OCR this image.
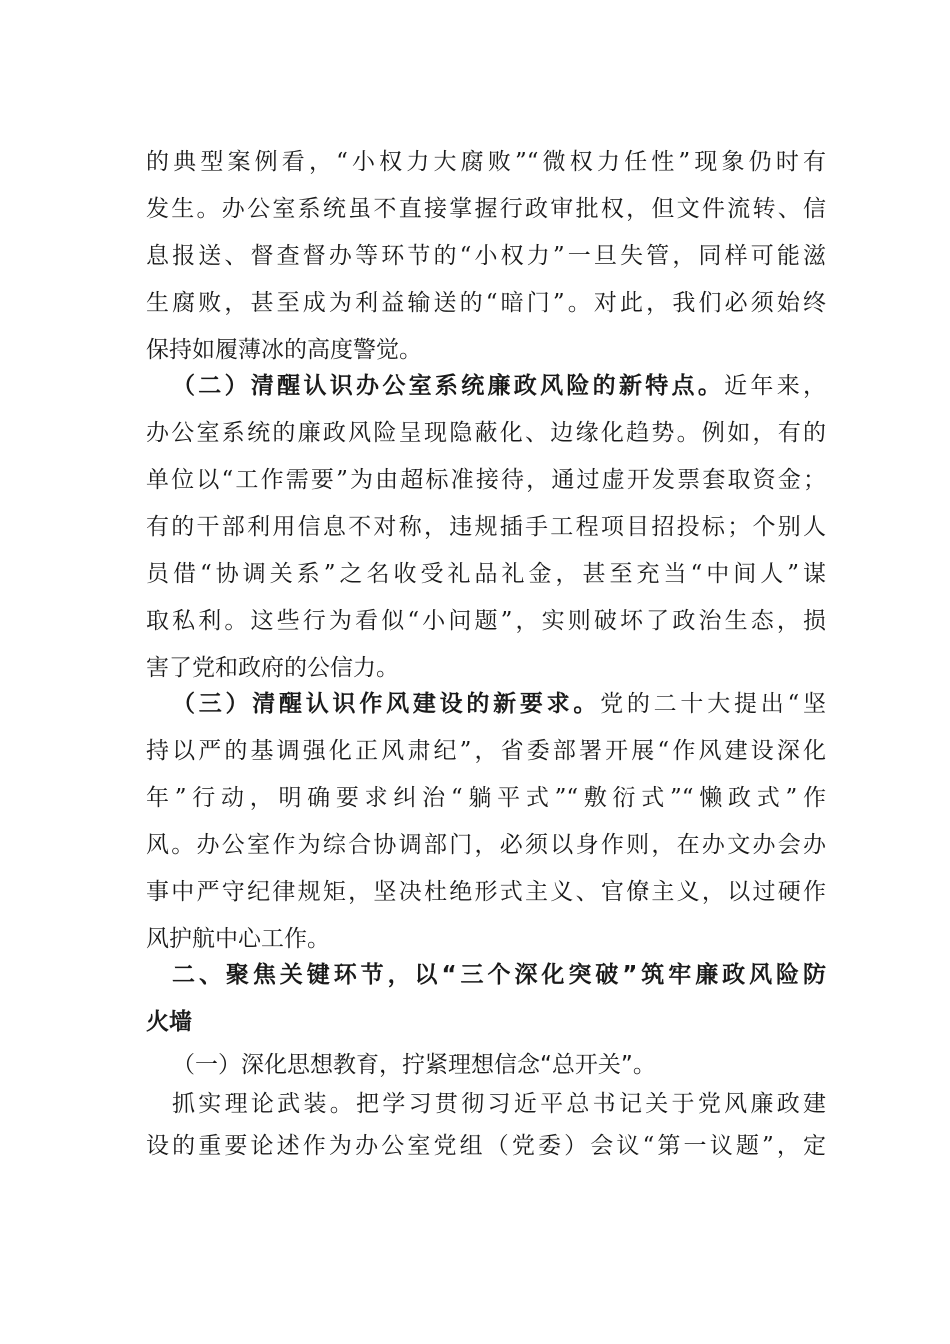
的典型案例看，“小权力大腐败”“微权力任性”现象仍时有
发生。办公室系统虽不直接掌握行政审批权，但文件流转、信
息报送、督查督办等环节的“小权力”一旦失管，同样可能滋
生腐败，甚至成为利益输送的“暗门”。对此，我们必须始终
保持如履薄冰的高度警觉。
（二）清醒认识办公室系统廉政风险的新特点。近年来，
办公室系统的廉政风险呈现隐蔽化、边缘化趋势。例如，有的
单位以“工作需要”为由超标准接待，通过虚开发票套取资金；
有的干部利用信息不对称，违规插手工程项目招投标；个别人
员借“协调关系”之名收受礼品礼金，甚至充当“中间人”谋
取私利。这些行为看似“小问题”，实则破坏了政治生态，损
害了党和政府的公信力。
（三）清醒认识作风建设的新要求。党的二十大提出“坚
持以严的基调强化正风肃纪”，省委部署开展“作风建设深化
年”行动，明确要求纠治“躺平式”“敷衍式”“懒政式”作
风。办公室作为综合协调部门，必须以身作则，在办文办会办
事中严守纪律规矩，坚决杜绝形式主义、官僚主义，以过硬作
风护航中心工作。
二、聚焦关键环节，以“三个深化突破”筑牢廉政风险防
火墙
（一）深化思想教育，拧紧理想信念“总开关”。
抓实理论武装。把学习贯彻习近平总书记关于党风廉政建
设的重要论述作为办公室党组（党委）会议“第一议题”，定
